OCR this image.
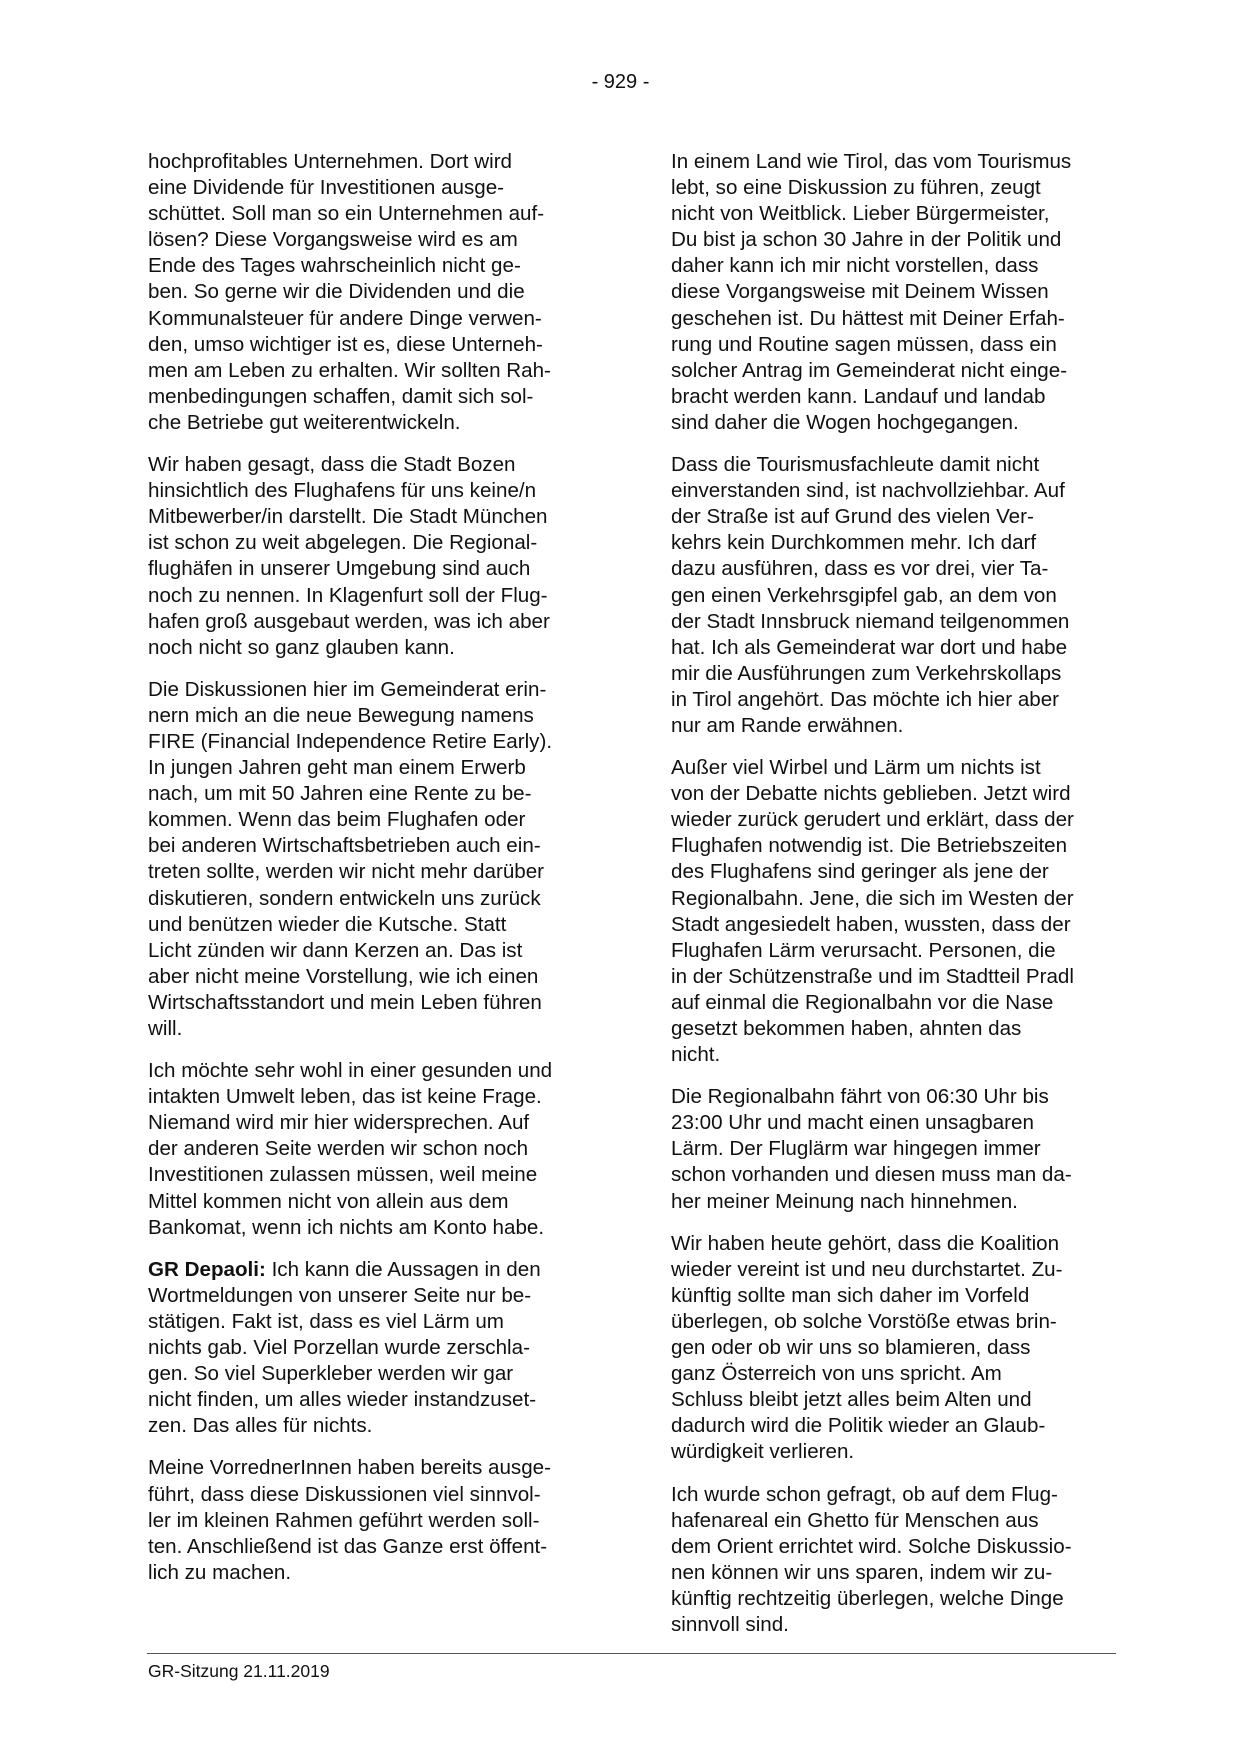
- 929 -

hochprofitables Unternehmen. Dort wird
eine Dividende für Investitionen ausge-
schüttet. Soll man so ein Unternehmen auf-
lösen? Diese Vorgangsweise wird es am
Ende des Tages wahrscheinlich nicht ge-
ben. So gerne wir die Dividenden und die
Kommunalsteuer für andere Dinge verwen-
den, umso wichtiger ist es, diese Unterneh-
men am Leben zu erhalten. Wir sollten Rah-
menbedingungen schaffen, damit sich sol-
che Betriebe gut weiterentwickeln.

Wir haben gesagt, dass die Stadt Bozen
hinsichtlich des Flughafens für uns keine/n
Mitbewerber/in darstellt. Die Stadt München
ist schon zu weit abgelegen. Die Regional-
flughäfen in unserer Umgebung sind auch
noch zu nennen. In Klagenfurt soll der Flug-
hafen groß ausgebaut werden, was ich aber
noch nicht so ganz glauben kann.

Die Diskussionen hier im Gemeinderat erin-
nern mich an die neue Bewegung namens
FIRE (Financial Independence Retire Early).
In jungen Jahren geht man einem Erwerb
nach, um mit 50 Jahren eine Rente zu be-
kommen. Wenn das beim Flughafen oder
bei anderen Wirtschaftsbetrieben auch ein-
treten sollte, werden wir nicht mehr darüber
diskutieren, sondern entwickeln uns zurück
und benützen wieder die Kutsche. Statt
Licht zünden wir dann Kerzen an. Das ist
aber nicht meine Vorstellung, wie ich einen
Wirtschaftsstandort und mein Leben führen
will.

Ich möchte sehr wohl in einer gesunden und
intakten Umwelt leben, das ist keine Frage.
Niemand wird mir hier widersprechen. Auf
der anderen Seite werden wir schon noch
Investitionen zulassen müssen, weil meine
Mittel kommen nicht von allein aus dem
Bankomat, wenn ich nichts am Konto habe.

GR Depaoli: Ich kann die Aussagen in den
Wortmeldungen von unserer Seite nur be-
stätigen. Fakt ist, dass es viel Lärm um
nichts gab. Viel Porzellan wurde zerschla-
gen. So viel Superkleber werden wir gar
nicht finden, um alles wieder instandzuset-
zen. Das alles für nichts.

Meine VorrednerInnen haben bereits ausge-
führt, dass diese Diskussionen viel sinnvol-
ler im kleinen Rahmen geführt werden soll-
ten. Anschließend ist das Ganze erst öffent-
lich zu machen.

In einem Land wie Tirol, das vom Tourismus
lebt, so eine Diskussion zu führen, zeugt
nicht von Weitblick. Lieber Bürgermeister,
Du bist ja schon 30 Jahre in der Politik und
daher kann ich mir nicht vorstellen, dass
diese Vorgangsweise mit Deinem Wissen
geschehen ist. Du hättest mit Deiner Erfah-
rung und Routine sagen müssen, dass ein
solcher Antrag im Gemeinderat nicht einge-
bracht werden kann. Landauf und landab
sind daher die Wogen hochgegangen.

Dass die Tourismusfachleute damit nicht
einverstanden sind, ist nachvollziehbar. Auf
der Straße ist auf Grund des vielen Ver-
kehrs kein Durchkommen mehr. Ich darf
dazu ausführen, dass es vor drei, vier Ta-
gen einen Verkehrsgipfel gab, an dem von
der Stadt Innsbruck niemand teilgenommen
hat. Ich als Gemeinderat war dort und habe
mir die Ausführungen zum Verkehrskollaps
in Tirol angehört. Das möchte ich hier aber
nur am Rande erwähnen.

Außer viel Wirbel und Lärm um nichts ist
von der Debatte nichts geblieben. Jetzt wird
wieder zurück gerudert und erklärt, dass der
Flughafen notwendig ist. Die Betriebszeiten
des Flughafens sind geringer als jene der
Regionalbahn. Jene, die sich im Westen der
Stadt angesiedelt haben, wussten, dass der
Flughafen Lärm verursacht. Personen, die
in der Schützenstraße und im Stadtteil Pradl
auf einmal die Regionalbahn vor die Nase
gesetzt bekommen haben, ahnten das
nicht.

Die Regionalbahn fährt von 06:30 Uhr bis
23:00 Uhr und macht einen unsagbaren
Lärm. Der Fluglärm war hingegen immer
schon vorhanden und diesen muss man da-
her meiner Meinung nach hinnehmen.

Wir haben heute gehört, dass die Koalition
wieder vereint ist und neu durchstartet. Zu-
künftig sollte man sich daher im Vorfeld
überlegen, ob solche Vorstöße etwas brin-
gen oder ob wir uns so blamieren, dass
ganz Österreich von uns spricht. Am
Schluss bleibt jetzt alles beim Alten und
dadurch wird die Politik wieder an Glaub-
würdigkeit verlieren.

Ich wurde schon gefragt, ob auf dem Flug-
hafenareal ein Ghetto für Menschen aus
dem Orient errichtet wird. Solche Diskussio-
nen können wir uns sparen, indem wir zu-
künftig rechtzeitig überlegen, welche Dinge
sinnvoll sind.

GR-Sitzung 21.11.2019
